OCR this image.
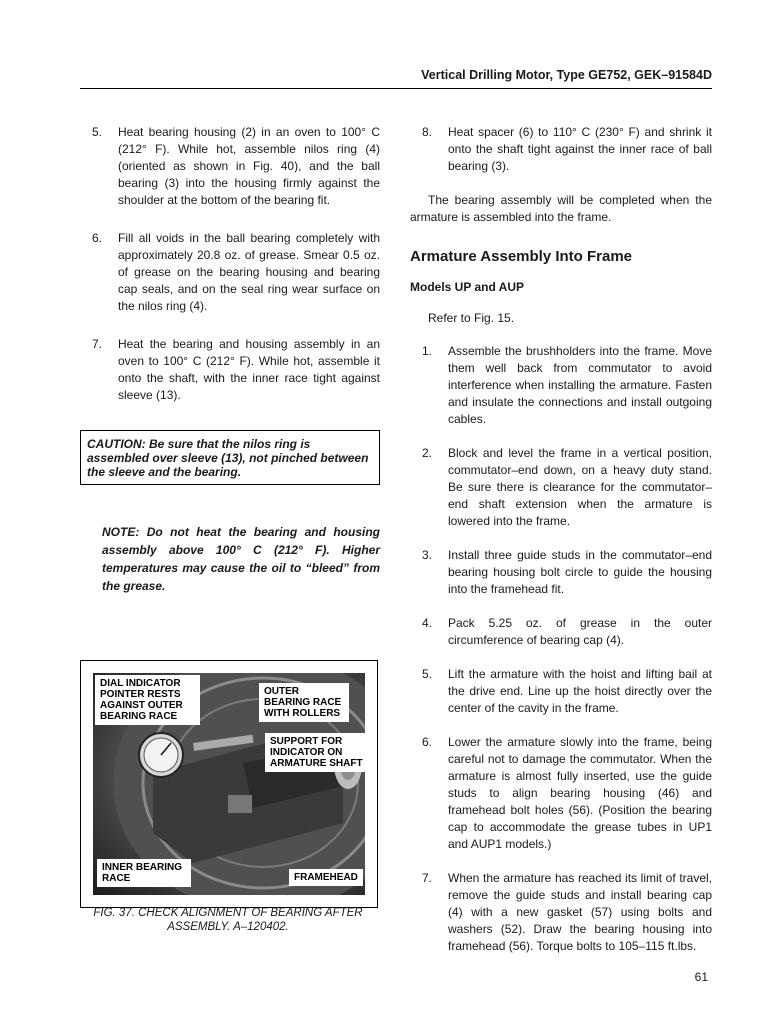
Vertical Drilling Motor, Type GE752, GEK–91584D
5. Heat bearing housing (2) in an oven to 100° C (212° F). While hot, assemble nilos ring (4) (oriented as shown in Fig. 40), and the ball bearing (3) into the housing firmly against the shoulder at the bottom of the bearing fit.
6. Fill all voids in the ball bearing completely with approximately 20.8 oz. of grease. Smear 0.5 oz. of grease on the bearing housing and bearing cap seals, and on the seal ring wear surface on the nilos ring (4).
7. Heat the bearing and housing assembly in an oven to 100° C (212° F). While hot, assemble it onto the shaft, with the inner race tight against sleeve (13).
CAUTION: Be sure that the nilos ring is assembled over sleeve (13), not pinched between the sleeve and the bearing.
NOTE: Do not heat the bearing and housing assembly above 100° C (212° F). Higher temperatures may cause the oil to “bleed” from the grease.
DIAL INDICATOR POINTER RESTS AGAINST OUTER BEARING RACE
OUTER BEARING RACE WITH ROLLERS
SUPPORT FOR INDICATOR ON ARMATURE SHAFT
INNER BEARING RACE	FRAMEHEAD
FIG. 37. CHECK ALIGNMENT OF BEARING AFTER ASSEMBLY. A–120402.
8. Heat spacer (6) to 110° C (230° F) and shrink it onto the shaft tight against the inner race of ball bearing (3).
The bearing assembly will be completed when the armature is assembled into the frame.
Armature Assembly Into Frame
Models UP and AUP
Refer to Fig. 15.
1. Assemble the brushholders into the frame. Move them well back from commutator to avoid interference when installing the armature. Fasten and insulate the connections and install outgoing cables.
2. Block and level the frame in a vertical position, commutator–end down, on a heavy duty stand. Be sure there is clearance for the commutator–end shaft extension when the armature is lowered into the frame.
3. Install three guide studs in the commutator–end bearing housing bolt circle to guide the housing into the framehead fit.
4. Pack 5.25 oz. of grease in the outer circumference of bearing cap (4).
5. Lift the armature with the hoist and lifting bail at the drive end. Line up the hoist directly over the center of the cavity in the frame.
6. Lower the armature slowly into the frame, being careful not to damage the commutator. When the armature is almost fully inserted, use the guide studs to align bearing housing (46) and framehead bolt holes (56). (Position the bearing cap to accommodate the grease tubes in UP1 and AUP1 models.)
7. When the armature has reached its limit of travel, remove the guide studs and install bearing cap (4) with a new gasket (57) using bolts and washers (52). Draw the bearing housing into framehead (56). Torque bolts to 105–115 ft.lbs.
61
